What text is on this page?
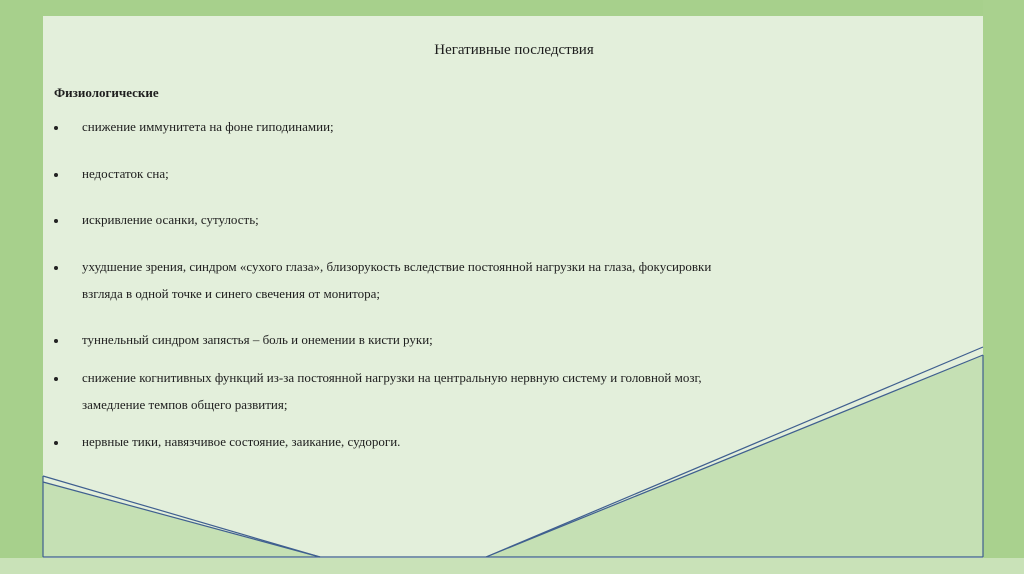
Негативные последствия
Физиологические
снижение иммунитета на фоне гиподинамии;
недостаток сна;
искривление осанки, сутулость;
ухудшение зрения, синдром «сухого глаза», близорукость вследствие постоянной нагрузки на глаза, фокусировки
взгляда в одной точке и синего свечения от монитора;
туннельный синдром запястья – боль и онемении в кисти руки;
снижение когнитивных функций из-за постоянной нагрузки на центральную нервную систему и головной мозг,
замедление темпов общего развития;
нервные тики, навязчивое состояние, заикание, судороги.
